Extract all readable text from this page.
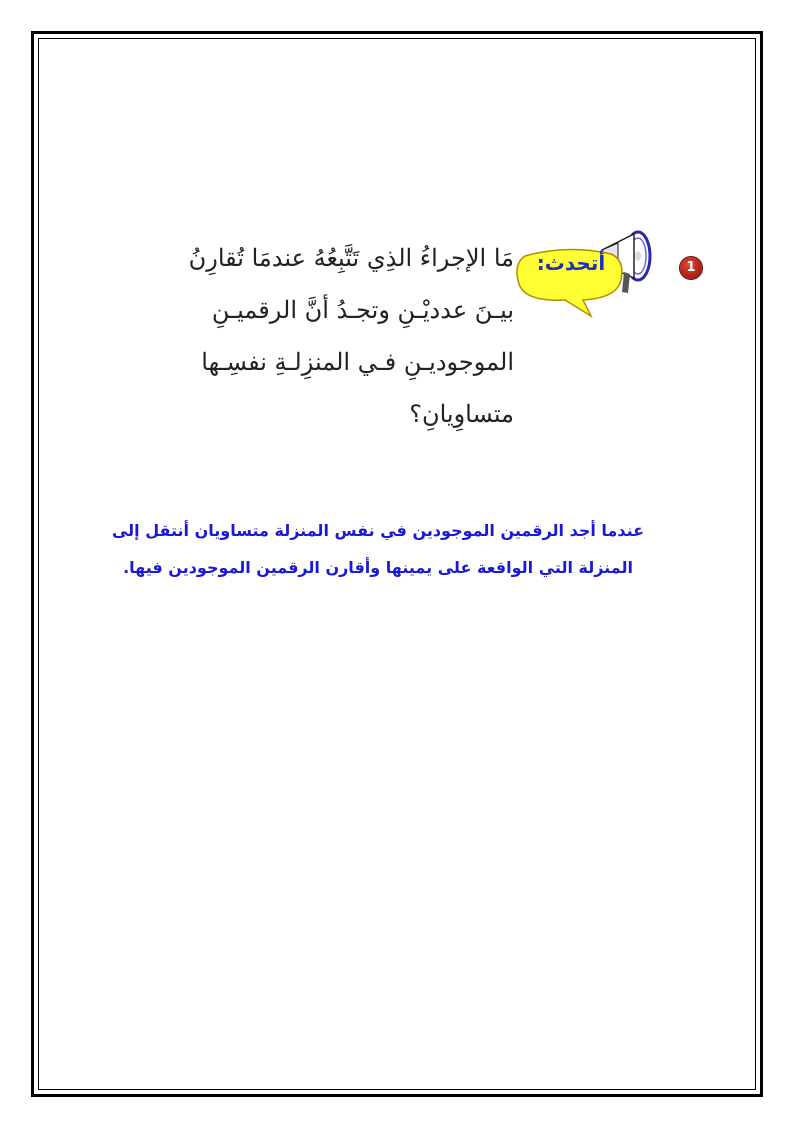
1
أتحدث:
مَا الإجراءُ الذِي تَتَّبِعُهُ عندمَا تُقارِنُ
بيـنَ عدديْـنِ وتجـدُ أنَّ الرقميـنِ
الموجوديـنِ فـي المنزِلـةِ نفسِـها
متساوِيانِ؟
عندما أجد الرقمين الموجودين في نفس المنزلة متساويان أنتقل إلى
المنزلة التي الواقعة على يمينها وأقارن الرقمين الموجودين فيها.
